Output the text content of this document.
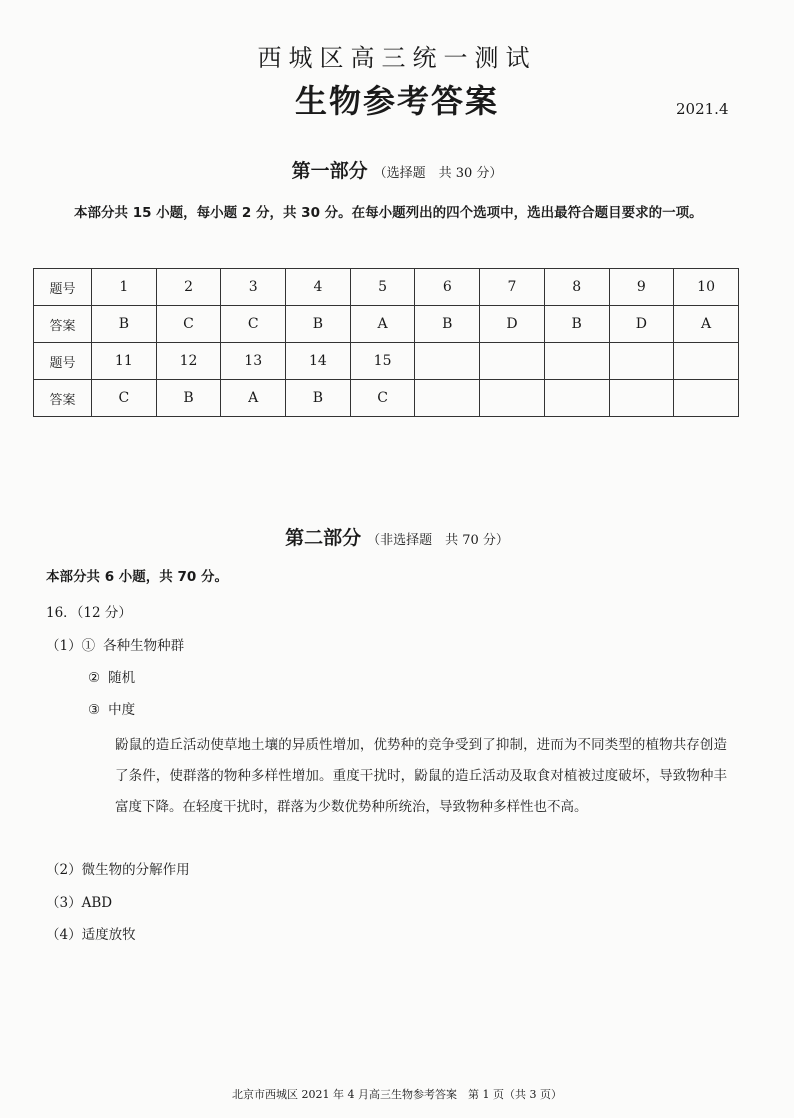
西城区高三统一测试
生物参考答案	2021.4
第一部分 （选择题　共 30 分）
本部分共 15 小题，每小题 2 分，共 30 分。在每小题列出的四个选项中，选出最符合题目要求的一项。
题号	1	2	3	4	5	6	7	8	9	10
答案	B	C	C	B	A	B	D	B	D	A
题号	11	12	13	14	15					
答案	C	B	A	B	C					
第二部分 （非选择题　共 70 分）
本部分共 6 小题，共 70 分。
16．（12 分）
（1）① 各种生物种群
② 随机
③ 中度
鼢鼠的造丘活动使草地土壤的异质性增加，优势种的竞争受到了抑制，进而为不同类型的植物共存创造了条件，使群落的物种多样性增加。重度干扰时，鼢鼠的造丘活动及取食对植被过度破坏，导致物种丰富度下降。在轻度干扰时，群落为少数优势种所统治，导致物种多样性也不高。
（2）微生物的分解作用
（3）ABD
（4）适度放牧
北京市西城区 2021 年 4 月高三生物参考答案　第 1 页（共 3 页）
